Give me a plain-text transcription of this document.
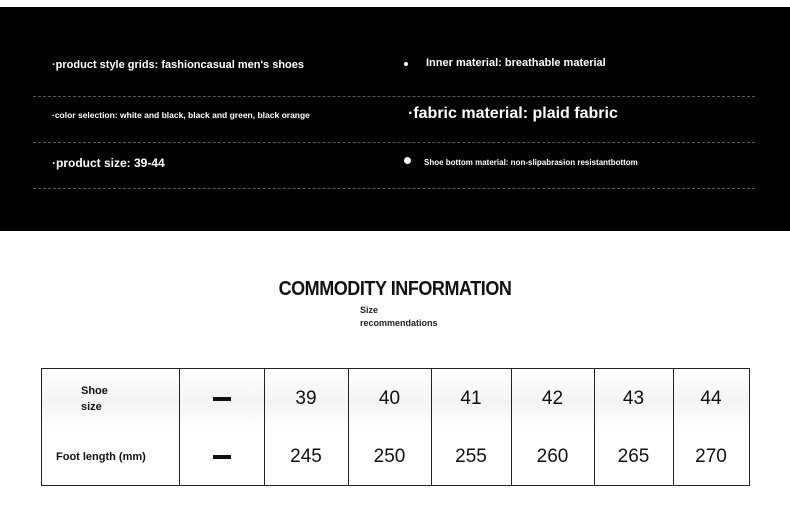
·product style grids: fashioncasual men's shoes	Inner material: breathable material
·color selection: white and black, black and green, black orange	·fabric material: plaid fabric
·product size: 39-44	Shoe bottom material: non-slipabrasion resistantbottom
COMMODITY INFORMATION
Size
recommendations
Shoe
size	39	40	41	42	43	44
Foot length (mm)	245	250	255	260	265	270
